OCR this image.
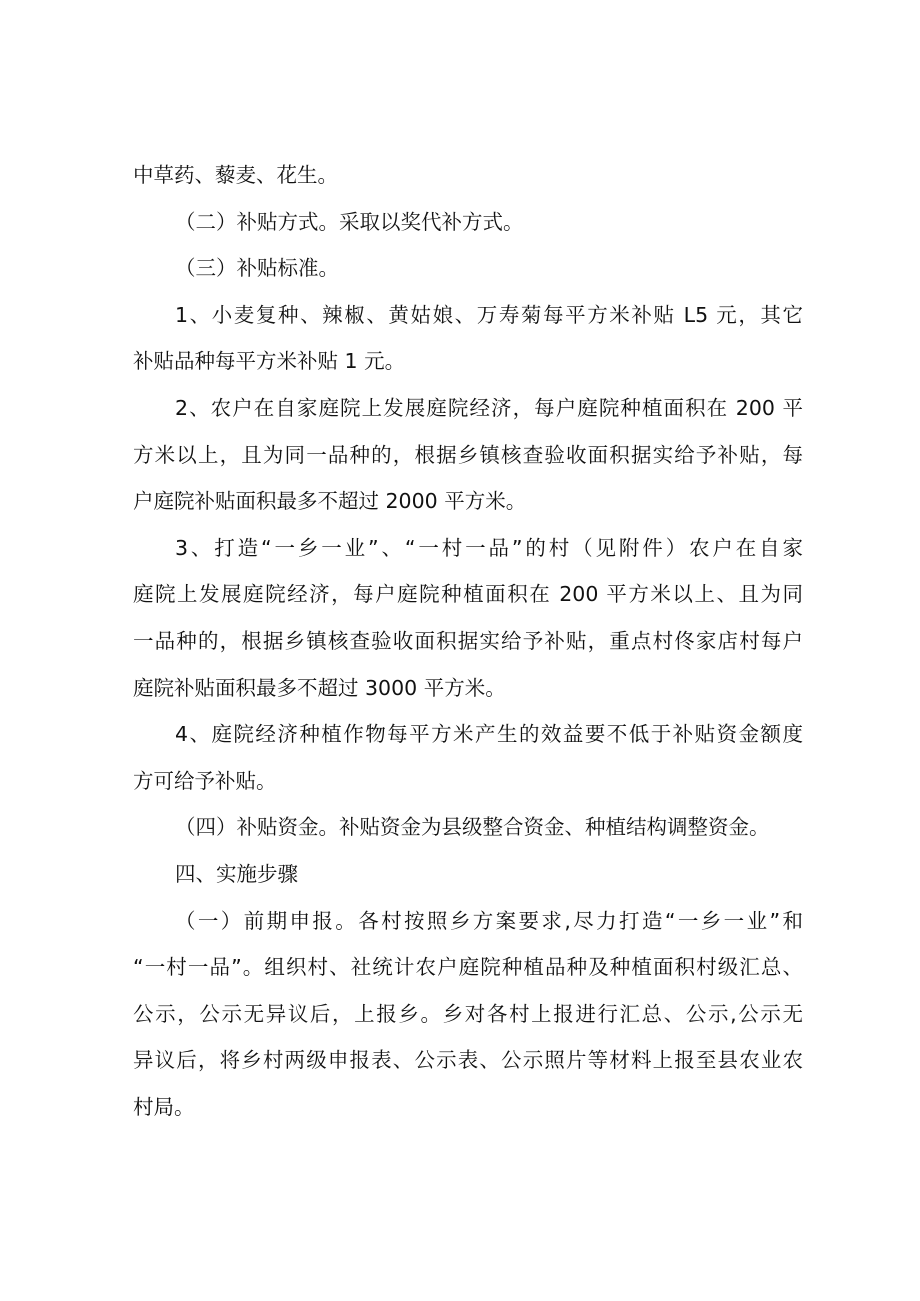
中草药、藜麦、花生。
（二）补贴方式。采取以奖代补方式。
（三）补贴标准。
1、小麦复种、辣椒、黄姑娘、万寿菊每平方米补贴 L5 元，其它
补贴品种每平方米补贴 1 元。
2、农户在自家庭院上发展庭院经济，每户庭院种植面积在 200 平
方米以上，且为同一品种的，根据乡镇核查验收面积据实给予补贴，每
户庭院补贴面积最多不超过 2000 平方米。
3、打造“一乡一业”、“一村一品”的村（见附件）农户在自家
庭院上发展庭院经济，每户庭院种植面积在 200 平方米以上、且为同
一品种的，根据乡镇核查验收面积据实给予补贴，重点村佟家店村每户
庭院补贴面积最多不超过 3000 平方米。
4、庭院经济种植作物每平方米产生的效益要不低于补贴资金额度
方可给予补贴。
（四）补贴资金。补贴资金为县级整合资金、种植结构调整资金。
四、实施步骤
（一）前期申报。各村按照乡方案要求,尽力打造“一乡一业”和
“一村一品”。组织村、社统计农户庭院种植品种及种植面积村级汇总、
公示，公示无异议后，上报乡。乡对各村上报进行汇总、公示,公示无
异议后，将乡村两级申报表、公示表、公示照片等材料上报至县农业农
村局。
